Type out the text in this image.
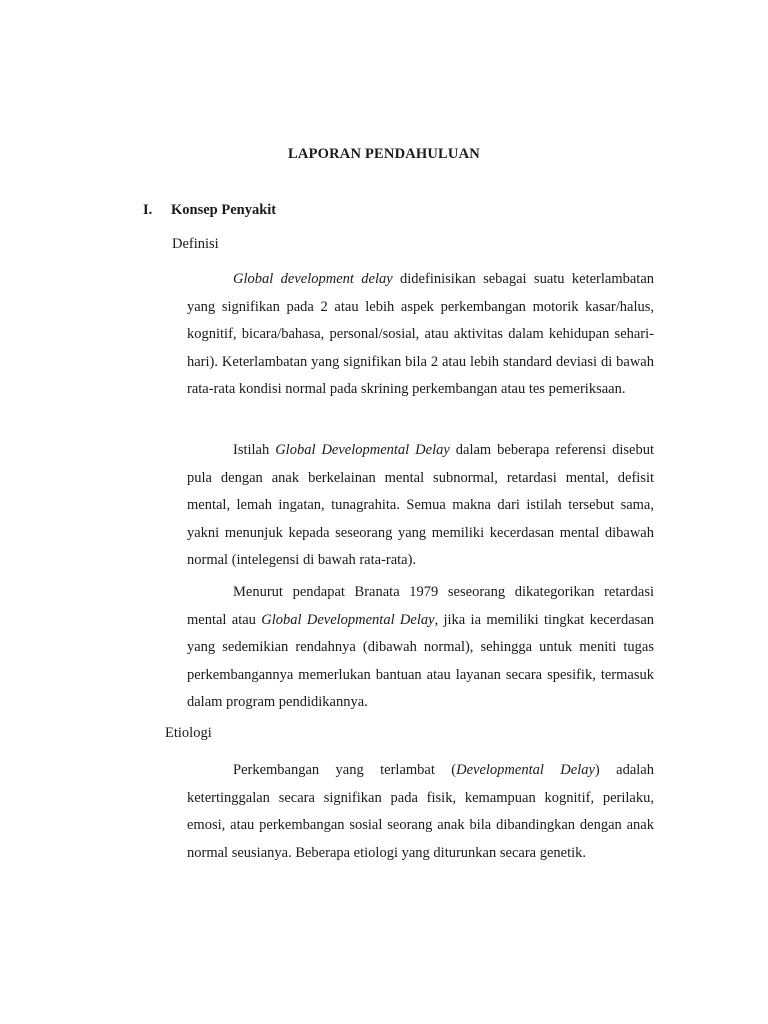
LAPORAN PENDAHULUAN
I. Konsep Penyakit
Definisi

Global development delay didefinisikan sebagai suatu keterlambatan yang signifikan pada 2 atau lebih aspek perkembangan motorik kasar/halus, kognitif, bicara/bahasa, personal/sosial, atau aktivitas dalam kehidupan sehari-hari). Keterlambatan yang signifikan bila 2 atau lebih standard deviasi di bawah rata-rata kondisi normal pada skrining perkembangan atau tes pemeriksaan.

Istilah Global Developmental Delay dalam beberapa referensi disebut pula dengan anak berkelainan mental subnormal, retardasi mental, defisit mental, lemah ingatan, tunagrahita. Semua makna dari istilah tersebut sama, yakni menunjuk kepada seseorang yang memiliki kecerdasan mental dibawah normal (intelegensi di bawah rata-rata).

Menurut pendapat Branata 1979 seseorang dikategorikan retardasi mental atau Global Developmental Delay, jika ia memiliki tingkat kecerdasan yang sedemikian rendahnya (dibawah normal), sehingga untuk meniti tugas perkembangannya memerlukan bantuan atau layanan secara spesifik, termasuk dalam program pendidikannya.

Etiologi

Perkembangan yang terlambat (Developmental Delay) adalah ketertinggalan secara signifikan pada fisik, kemampuan kognitif, perilaku, emosi, atau perkembangan sosial seorang anak bila dibandingkan dengan anak normal seusianya. Beberapa etiologi yang diturunkan secara genetik.
